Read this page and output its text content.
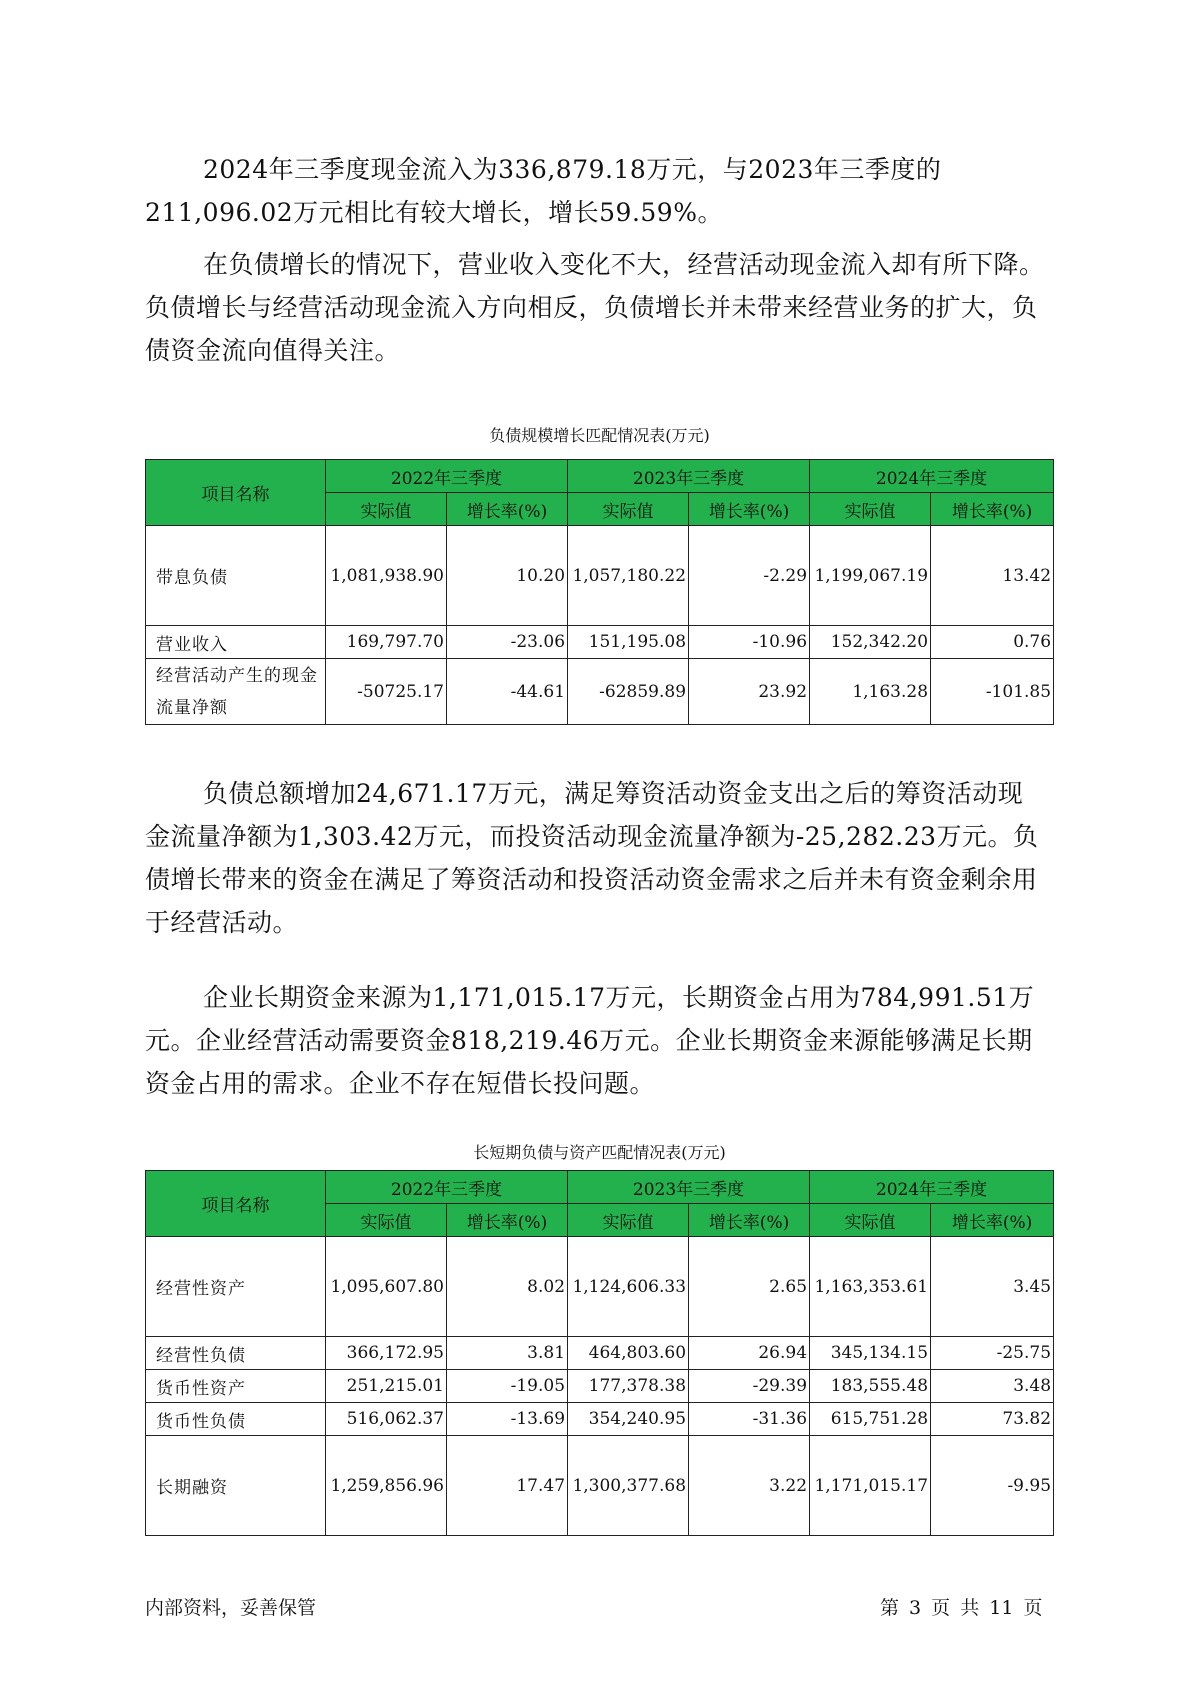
2024年三季度现金流入为336,879.18万元，与2023年三季度的211,096.02万元相比有较大增长，增长59.59%。

在负债增长的情况下，营业收入变化不大，经营活动现金流入却有所下降。负债增长与经营活动现金流入方向相反，负债增长并未带来经营业务的扩大，负债资金流向值得关注。

负债规模增长匹配情况表(万元)
项目名称	2022年三季度		2023年三季度		2024年三季度	
	实际值	增长率(%)	实际值	增长率(%)	实际值	增长率(%)
带息负债	1,081,938.90	10.20	1,057,180.22	-2.29	1,199,067.19	13.42
营业收入	169,797.70	-23.06	151,195.08	-10.96	152,342.20	0.76
经营活动产生的现金流量净额	-50725.17	-44.61	-62859.89	23.92	1,163.28	-101.85

负债总额增加24,671.17万元，满足筹资活动资金支出之后的筹资活动现金流量净额为1,303.42万元，而投资活动现金流量净额为-25,282.23万元。负债增长带来的资金在满足了筹资活动和投资活动资金需求之后并未有资金剩余用于经营活动。

企业长期资金来源为1,171,015.17万元，长期资金占用为784,991.51万元。企业经营活动需要资金818,219.46万元。企业长期资金来源能够满足长期资金占用的需求。企业不存在短借长投问题。

长短期负债与资产匹配情况表(万元)
项目名称	2022年三季度		2023年三季度		2024年三季度	
	实际值	增长率(%)	实际值	增长率(%)	实际值	增长率(%)
经营性资产	1,095,607.80	8.02	1,124,606.33	2.65	1,163,353.61	3.45
经营性负债	366,172.95	3.81	464,803.60	26.94	345,134.15	-25.75
货币性资产	251,215.01	-19.05	177,378.38	-29.39	183,555.48	3.48
货币性负债	516,062.37	-13.69	354,240.95	-31.36	615,751.28	73.82
长期融资	1,259,856.96	17.47	1,300,377.68	3.22	1,171,015.17	-9.95
内部资料，妥善保管	第 3 页 共 11 页
